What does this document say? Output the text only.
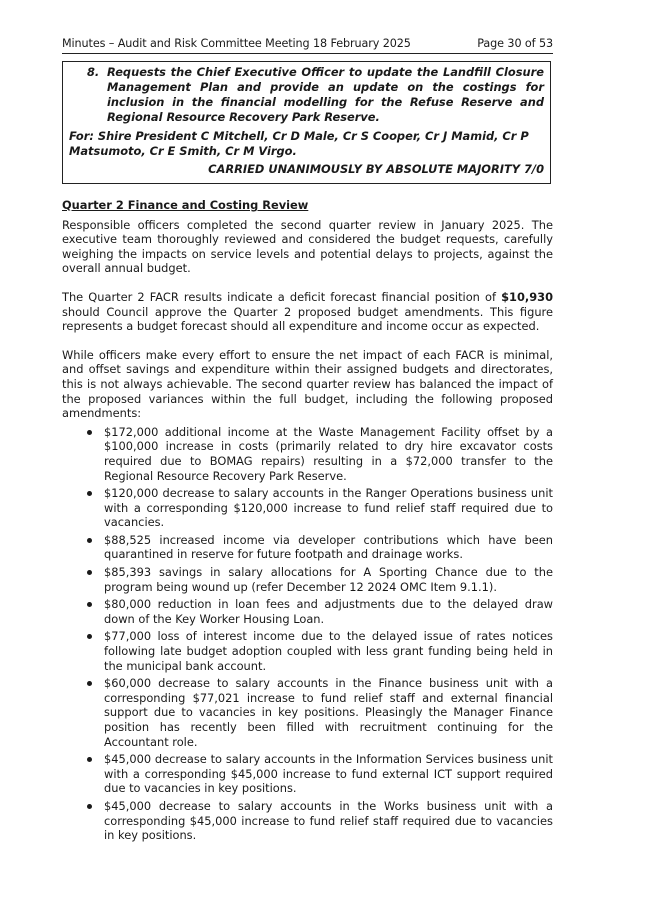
Minutes – Audit and Risk Committee Meeting 18 February 2025	Page 30 of 53
8. Requests the Chief Executive Officer to update the Landfill Closure Management Plan and provide an update on the costings for inclusion in the financial modelling for the Refuse Reserve and Regional Resource Recovery Park Reserve.
For: Shire President C Mitchell, Cr D Male, Cr S Cooper, Cr J Mamid, Cr P Matsumoto, Cr E Smith, Cr M Virgo.
CARRIED UNANIMOUSLY BY ABSOLUTE MAJORITY 7/0
Quarter 2 Finance and Costing Review

Responsible officers completed the second quarter review in January 2025. The executive team thoroughly reviewed and considered the budget requests, carefully weighing the impacts on service levels and potential delays to projects, against the overall annual budget.

The Quarter 2 FACR results indicate a deficit forecast financial position of $10,930 should Council approve the Quarter 2 proposed budget amendments. This figure represents a budget forecast should all expenditure and income occur as expected.

While officers make every effort to ensure the net impact of each FACR is minimal, and offset savings and expenditure within their assigned budgets and directorates, this is not always achievable. The second quarter review has balanced the impact of the proposed variances within the full budget, including the following proposed amendments:

$172,000 additional income at the Waste Management Facility offset by a $100,000 increase in costs (primarily related to dry hire excavator costs required due to BOMAG repairs) resulting in a $72,000 transfer to the Regional Resource Recovery Park Reserve.
$120,000 decrease to salary accounts in the Ranger Operations business unit with a corresponding $120,000 increase to fund relief staff required due to vacancies.
$88,525 increased income via developer contributions which have been quarantined in reserve for future footpath and drainage works.
$85,393 savings in salary allocations for A Sporting Chance due to the program being wound up (refer December 12 2024 OMC Item 9.1.1).
$80,000 reduction in loan fees and adjustments due to the delayed draw down of the Key Worker Housing Loan.
$77,000 loss of interest income due to the delayed issue of rates notices following late budget adoption coupled with less grant funding being held in the municipal bank account.
$60,000 decrease to salary accounts in the Finance business unit with a corresponding $77,021 increase to fund relief staff and external financial support due to vacancies in key positions. Pleasingly the Manager Finance position has recently been filled with recruitment continuing for the Accountant role.
$45,000 decrease to salary accounts in the Information Services business unit with a corresponding $45,000 increase to fund external ICT support required due to vacancies in key positions.
$45,000 decrease to salary accounts in the Works business unit with a corresponding $45,000 increase to fund relief staff required due to vacancies in key positions.
